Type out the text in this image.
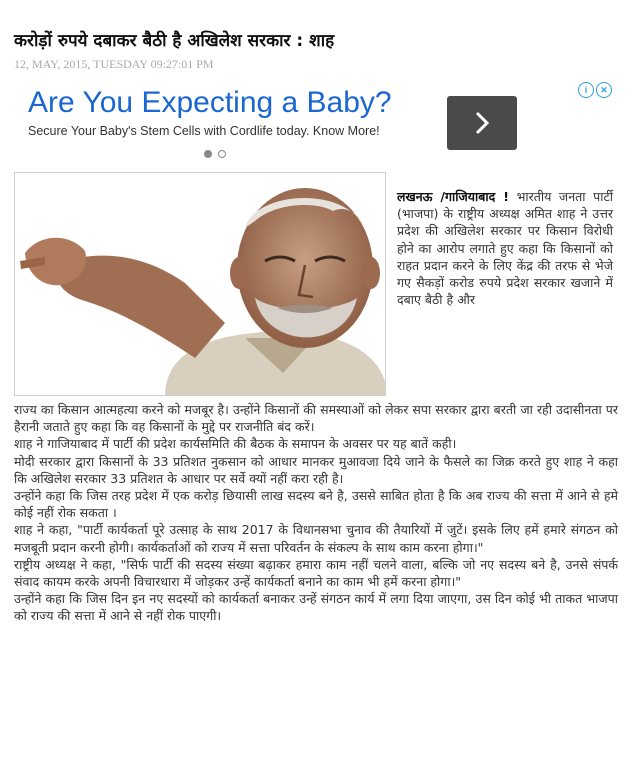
करोड़ों रुपये दबाकर बैठी है अखिलेश सरकार : शाह
12, MAY, 2015, TUESDAY 09:27:01 PM
Are You Expecting a Baby?
Secure Your Baby's Stem Cells with Cordlife today. Know More!
i	✕
लखनऊ /गाजियाबाद ! भारतीय जनता पार्टी (भाजपा) के राष्ट्रीय अध्यक्ष अमित शाह ने उत्तर प्रदेश की अखिलेश सरकार पर किसान विरोधी होने का आरोप लगाते हुए कहा कि किसानों को राहत प्रदान करने के लिए केंद्र की तरफ से भेजे गए सैकड़ों करोड रुपये प्रदेश सरकार खजाने में दबाए बैठी है और

राज्य का किसान आत्महत्या करने को मजबूर है। उन्होंने किसानों की समस्याओं को लेकर सपा सरकार द्वारा बरती जा रही उदासीनता पर हैरानी जताते हुए कहा कि वह किसानों के मुद्दे पर राजनीति बंद करें।

शाह ने गाजियाबाद में पार्टी की प्रदेश कार्यसमिति की बैठक के समापन के अवसर पर यह बातें कही।

मोदी सरकार द्वारा किसानों के 33 प्रतिशत नुकसान को आधार मानकर मुआवजा दिये जाने के फैसले का जिक्र करते हुए शाह ने कहा कि अखिलेश सरकार 33 प्रतिशत के आधार पर सर्वे क्यों नहीं करा रही है।

उन्होंने कहा कि जिस तरह प्रदेश में एक करोड़ छियासी लाख सदस्य बने है, उससे साबित होता है कि अब राज्य की सत्ता में आने से हमे कोई नहीं रोक सकता ।

शाह ने कहा, "पार्टी कार्यकर्ता पूरे उत्साह के साथ 2017 के विधानसभा चुनाव की तैयारियों में जुटें। इसके लिए हमें हमारे संगठन को मजबूती प्रदान करनी होगी। कार्यकर्ताओं को राज्य में सत्ता परिवर्तन के संकल्प के साथ काम करना होगा।"

राष्ट्रीय अध्यक्ष ने कहा, "सिर्फ पार्टी की सदस्य संख्या बढ़ाकर हमारा काम नहीं चलने वाला, बल्कि जो नए सदस्य बने है, उनसे संपर्क संवाद कायम करके अपनी विचारधारा में जोड़कर उन्हें कार्यकर्ता बनाने का काम भी हमें करना होगा।"

उन्होंने कहा कि जिस दिन इन नए सदस्यों को कार्यकर्ता बनाकर उन्हें संगठन कार्य में लगा दिया जाएगा, उस दिन कोई भी ताकत भाजपा को राज्य की सत्ता में आने से नहीं रोक पाएगी।
